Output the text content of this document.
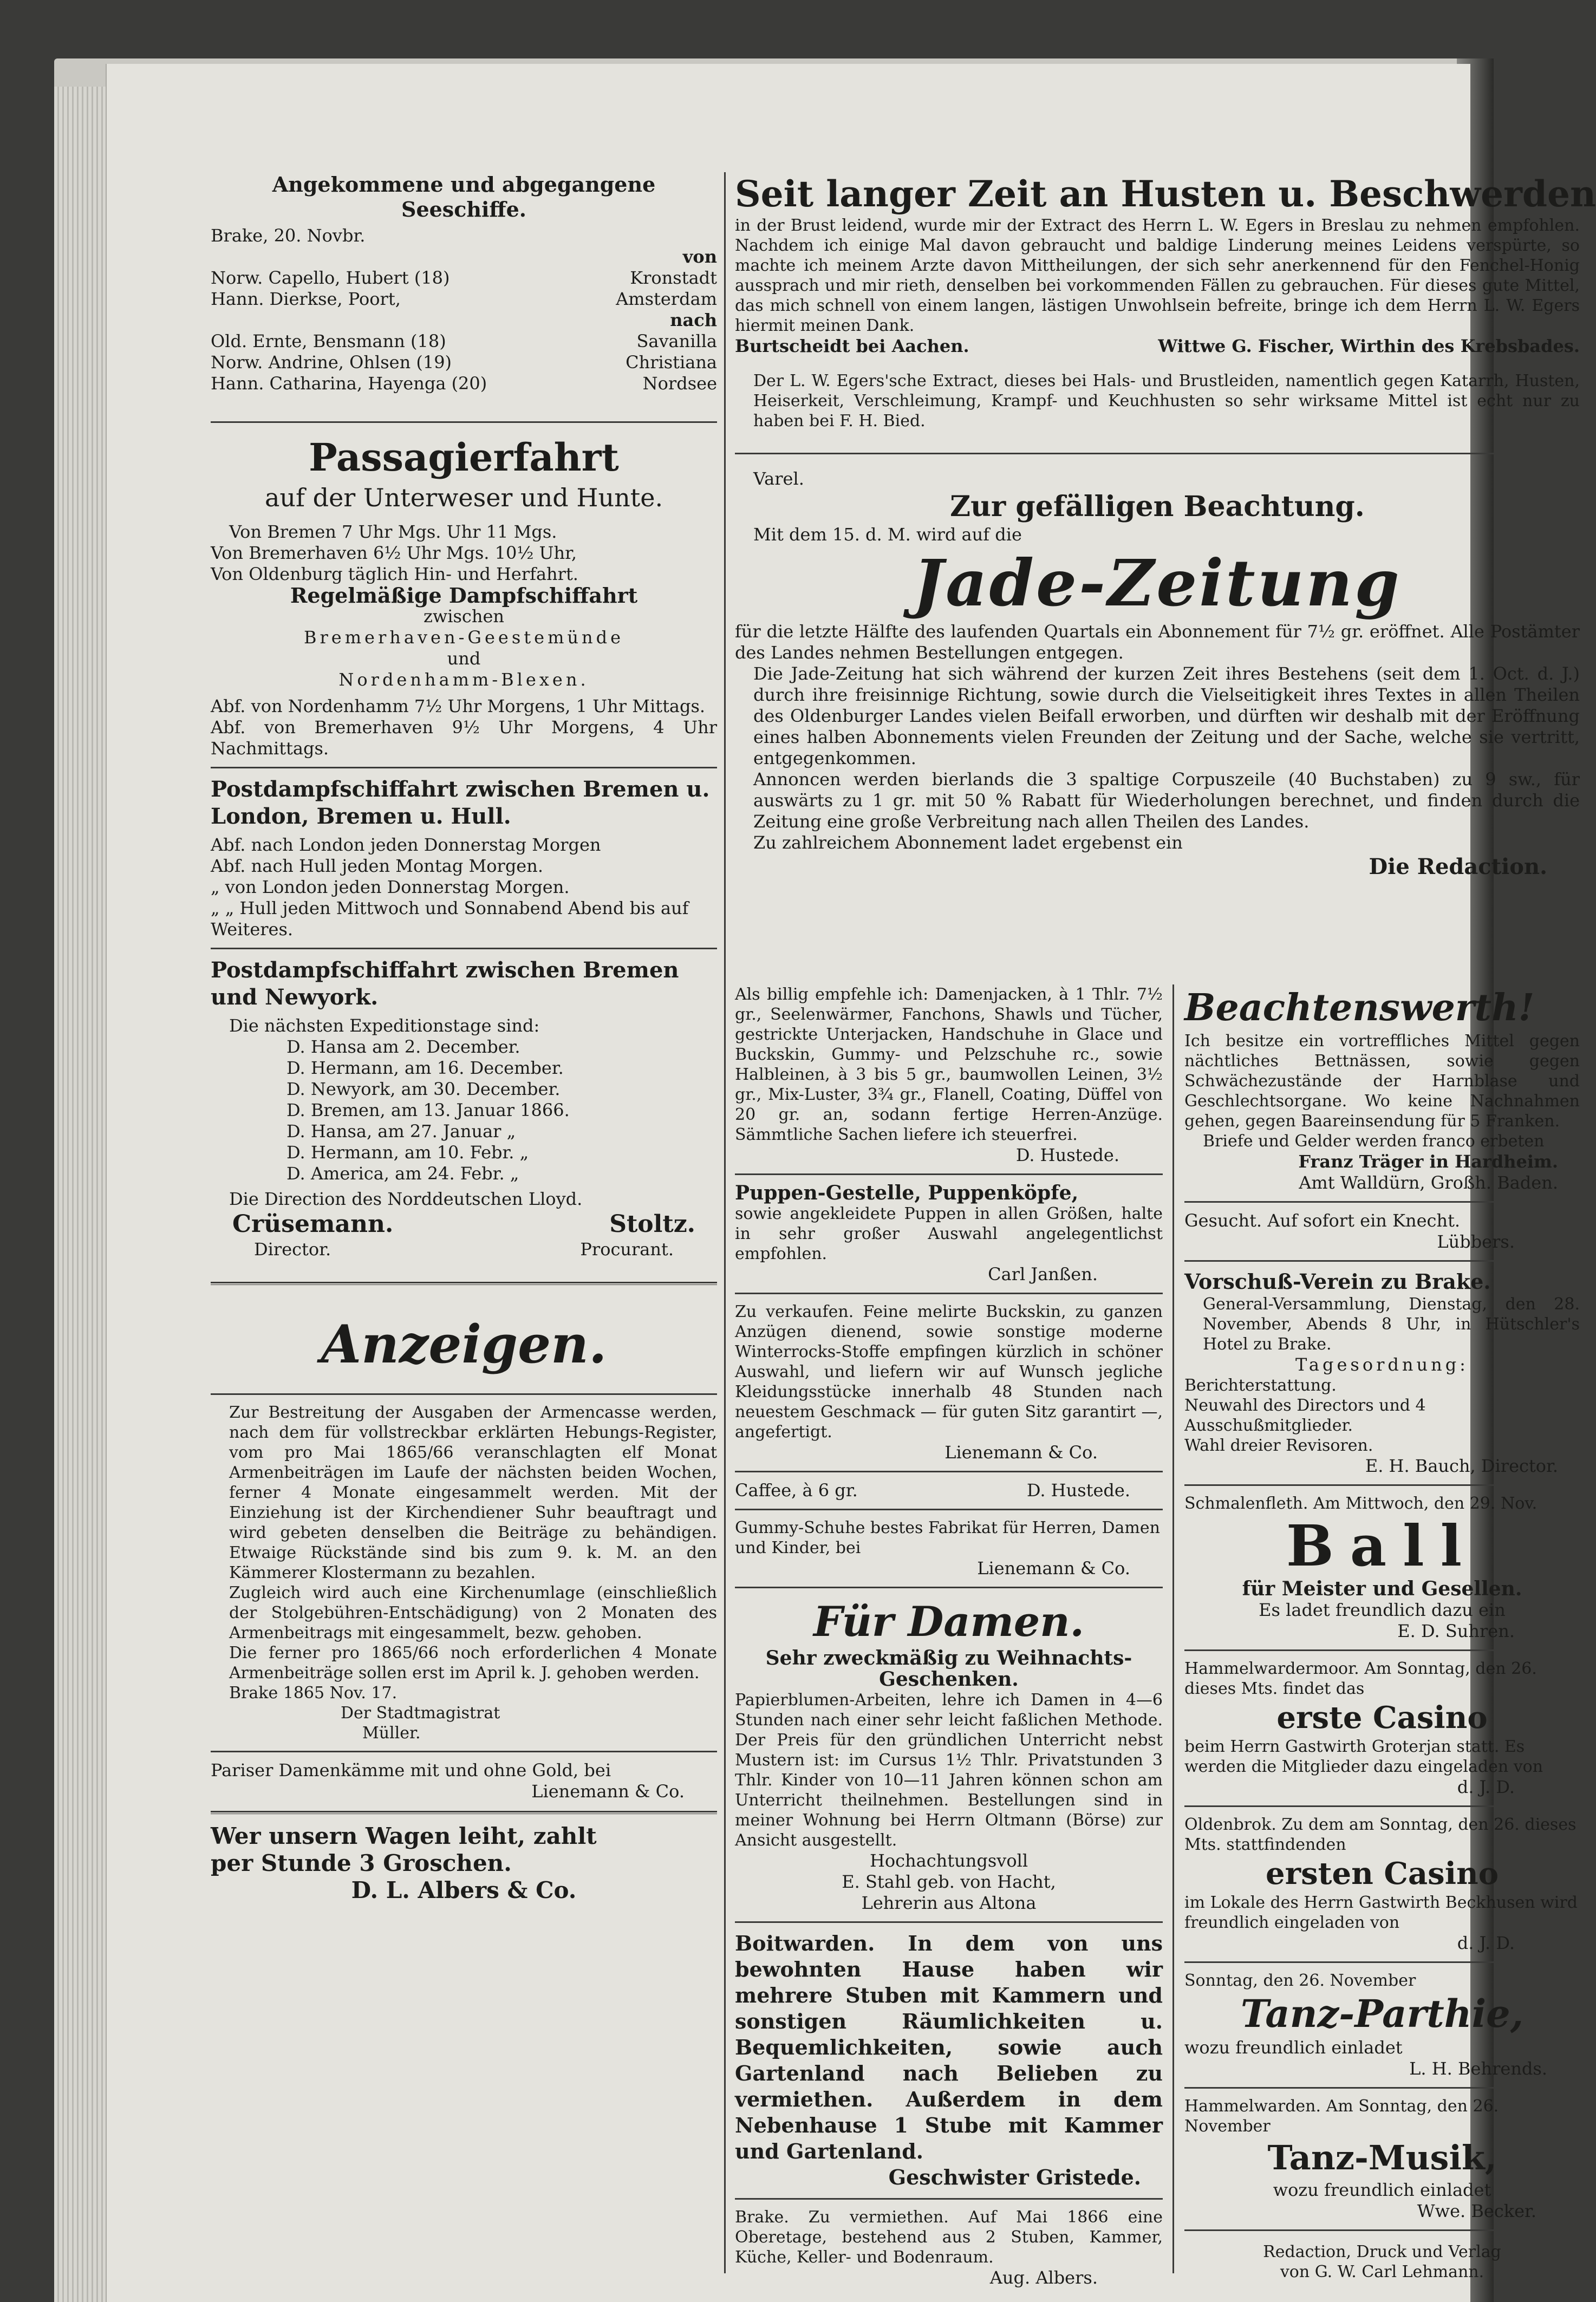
Angekommene und abgegangene Seeschiffe.
Brake, 20. Novbr.
von
Norw. Capello, Hubert (18)	Kronstadt
Hann. Dierkse, Poort,	Amsterdam
nach
Old. Ernte, Bensmann (18)	Savanilla
Norw. Andrine, Ohlsen (19)	Christiana
Hann. Catharina, Hayenga (20)	Nordsee
Passagierfahrt
auf der Unterweser und Hunte.
Von Bremen 7 Uhr Mgs. Uhr 11 Mgs.
Von Bremerhaven 6½ Uhr Mgs. 10½ Uhr,
Von Oldenburg täglich Hin- und Herfahrt.
Regelmäßige Dampfschiffahrt
zwischen
Bremerhaven-Geestemünde
und
Nordenhamm-Blexen.
Abf. von Nordenhamm 7½ Uhr Morgens, 1 Uhr Mittags.
Abf. von Bremerhaven 9½ Uhr Morgens, 4 Uhr Nachmittags.
Postdampfschiffahrt zwischen Bremen u. London, Bremen u. Hull.
Abf. nach London jeden Donnerstag Morgen
Abf. nach Hull jeden Montag Morgen.
„ von London jeden Donnerstag Morgen.
„ „ Hull jeden Mittwoch und Sonnabend Abend bis auf Weiteres.
Postdampfschiffahrt zwischen Bremen und Newyork.
Die nächsten Expeditionstage sind:
D. Hansa am 2. December.
D. Hermann, am 16. December.
D. Newyork, am 30. December.
D. Bremen, am 13. Januar 1866.
D. Hansa, am 27. Januar „
D. Hermann, am 10. Febr. „
D. America, am 24. Febr. „
Die Direction des Norddeutschen Lloyd.
Crüsemann.	Stoltz.
Director.	Procurant.
Anzeigen.
Zur Bestreitung der Ausgaben der Armencasse werden, nach dem für vollstreckbar erklärten Hebungs-Register, vom pro Mai 1865/66 veranschlagten elf Monat Armenbeiträgen im Laufe der nächsten beiden Wochen, ferner 4 Monate eingesammelt werden. Mit der Einziehung ist der Kirchendiener Suhr beauftragt und wird gebeten denselben die Beiträge zu behändigen. Etwaige Rückstände sind bis zum 9. k. M. an den Kämmerer Klostermann zu bezahlen.
Zugleich wird auch eine Kirchenumlage (einschließlich der Stolgebühren-Entschädigung) von 2 Monaten des Armenbeitrags mit eingesammelt, bezw. gehoben.
Die ferner pro 1865/66 noch erforderlichen 4 Monate Armenbeiträge sollen erst im April k. J. gehoben werden.
Brake 1865 Nov. 17.
Der Stadtmagistrat
Müller.
Pariser Damenkämme mit und ohne Gold, bei
Lienemann & Co.
Wer unsern Wagen leiht, zahlt
per Stunde 3 Groschen.
D. L. Albers & Co.
Seit langer Zeit an Husten u. Beschwerden
in der Brust leidend, wurde mir der Extract des Herrn L. W. Egers in Breslau zu nehmen empfohlen. Nachdem ich einige Mal davon gebraucht und baldige Linderung meines Leidens verspürte, so machte ich meinem Arzte davon Mittheilungen, der sich sehr anerkennend für den Fenchel-Honig aussprach und mir rieth, denselben bei vorkommenden Fällen zu gebrauchen. Für dieses gute Mittel, das mich schnell von einem langen, lästigen Unwohlsein befreite, bringe ich dem Herrn L. W. Egers hiermit meinen Dank.
Burtscheidt bei Aachen.	Wittwe G. Fischer, Wirthin des Krebsbades.
Der L. W. Egers'sche Extract, dieses bei Hals- und Brustleiden, namentlich gegen Katarrh, Husten, Heiserkeit, Verschleimung, Krampf- und Keuchhusten so sehr wirksame Mittel ist echt nur zu haben bei F. H. Bied.
Varel.
Zur gefälligen Beachtung.
Mit dem 15. d. M. wird auf die
Jade-Zeitung
für die letzte Hälfte des laufenden Quartals ein Abonnement für 7½ gr. eröffnet. Alle Postämter des Landes nehmen Bestellungen entgegen.
Die Jade-Zeitung hat sich während der kurzen Zeit ihres Bestehens (seit dem 1. Oct. d. J.) durch ihre freisinnige Richtung, sowie durch die Vielseitigkeit ihres Textes in allen Theilen des Oldenburger Landes vielen Beifall erworben, und dürften wir deshalb mit der Eröffnung eines halben Abonnements vielen Freunden der Zeitung und der Sache, welche sie vertritt, entgegenkommen.
Annoncen werden bierlands die 3 spaltige Corpuszeile (40 Buchstaben) zu 9 sw., für auswärts zu 1 gr. mit 50 % Rabatt für Wiederholungen berechnet, und finden durch die Zeitung eine große Verbreitung nach allen Theilen des Landes.
Zu zahlreichem Abonnement ladet ergebenst ein
Die Redaction.
Als billig empfehle ich: Damenjacken, à 1 Thlr. 7½ gr., Seelenwärmer, Fanchons, Shawls und Tücher, gestrickte Unterjacken, Handschuhe in Glace und Buckskin, Gummy- und Pelzschuhe rc., sowie Halbleinen, à 3 bis 5 gr., baumwollen Leinen, 3½ gr., Mix-Luster, 3¾ gr., Flanell, Coating, Düffel von 20 gr. an, sodann fertige Herren-Anzüge. Sämmtliche Sachen liefere ich steuerfrei.
D. Hustede.
Puppen-Gestelle, Puppenköpfe,
sowie angekleidete Puppen in allen Größen, halte in sehr großer Auswahl angelegentlichst empfohlen.
Carl Janßen.
Zu verkaufen. Feine melirte Buckskin, zu ganzen Anzügen dienend, sowie sonstige moderne Winterrocks-Stoffe empfingen kürzlich in schöner Auswahl, und liefern wir auf Wunsch jegliche Kleidungsstücke innerhalb 48 Stunden nach neuestem Geschmack — für guten Sitz garantirt —, angefertigt.
Lienemann & Co.
Caffee, à 6 gr.	D. Hustede.
Gummy-Schuhe bestes Fabrikat für Herren, Damen und Kinder, bei
Lienemann & Co.
Für Damen.
Sehr zweckmäßig zu Weihnachts-Geschenken.
Papierblumen-Arbeiten, lehre ich Damen in 4—6 Stunden nach einer sehr leicht faßlichen Methode. Der Preis für den gründlichen Unterricht nebst Mustern ist: im Cursus 1½ Thlr. Privatstunden 3 Thlr. Kinder von 10—11 Jahren können schon am Unterricht theilnehmen. Bestellungen sind in meiner Wohnung bei Herrn Oltmann (Börse) zur Ansicht ausgestellt.
Hochachtungsvoll
E. Stahl geb. von Hacht,
Lehrerin aus Altona
Boitwarden. In dem von uns bewohnten Hause haben wir mehrere Stuben mit Kammern und sonstigen Räumlichkeiten u. Bequemlichkeiten, sowie auch Gartenland nach Belieben zu vermiethen. Außerdem in dem Nebenhause 1 Stube mit Kammer und Gartenland.
Geschwister Gristede.
Brake. Zu vermiethen. Auf Mai 1866 eine Oberetage, bestehend aus 2 Stuben, Kammer, Küche, Keller- und Bodenraum.
Aug. Albers.
Beachtenswerth!
Ich besitze ein vortreffliches Mittel gegen nächtliches Bettnässen, sowie gegen Schwächezustände der Harnblase und Geschlechtsorgane. Wo keine Nachnahmen gehen, gegen Baareinsendung für 5 Franken.
Briefe und Gelder werden franco erbeten
Franz Träger in Hardheim.
Amt Walldürn, Großh. Baden.
Gesucht. Auf sofort ein Knecht.
Lübbers.
Vorschuß-Verein zu Brake.
General-Versammlung, Dienstag, den 28. November, Abends 8 Uhr, in Hütschler's Hotel zu Brake.
Tagesordnung:
Berichterstattung.
Neuwahl des Directors und 4 Ausschußmitglieder.
Wahl dreier Revisoren.
E. H. Bauch, Director.
Schmalenfleth. Am Mittwoch, den 29. Nov.
Ball
für Meister und Gesellen.
Es ladet freundlich dazu ein
E. D. Suhren.
Hammelwardermoor. Am Sonntag, den 26. dieses Mts. findet das
erste Casino
beim Herrn Gastwirth Groterjan statt. Es werden die Mitglieder dazu eingeladen von
d. J. D.
Oldenbrok. Zu dem am Sonntag, den 26. dieses Mts. stattfindenden
ersten Casino
im Lokale des Herrn Gastwirth Beckhusen wird freundlich eingeladen von
d. J. D.
Sonntag, den 26. November
Tanz-Parthie,
wozu freundlich einladet
L. H. Behrends.
Hammelwarden. Am Sonntag, den 26. November
Tanz-Musik,
wozu freundlich einladet
Wwe. Becker.
Redaction, Druck und Verlag
von G. W. Carl Lehmann.
